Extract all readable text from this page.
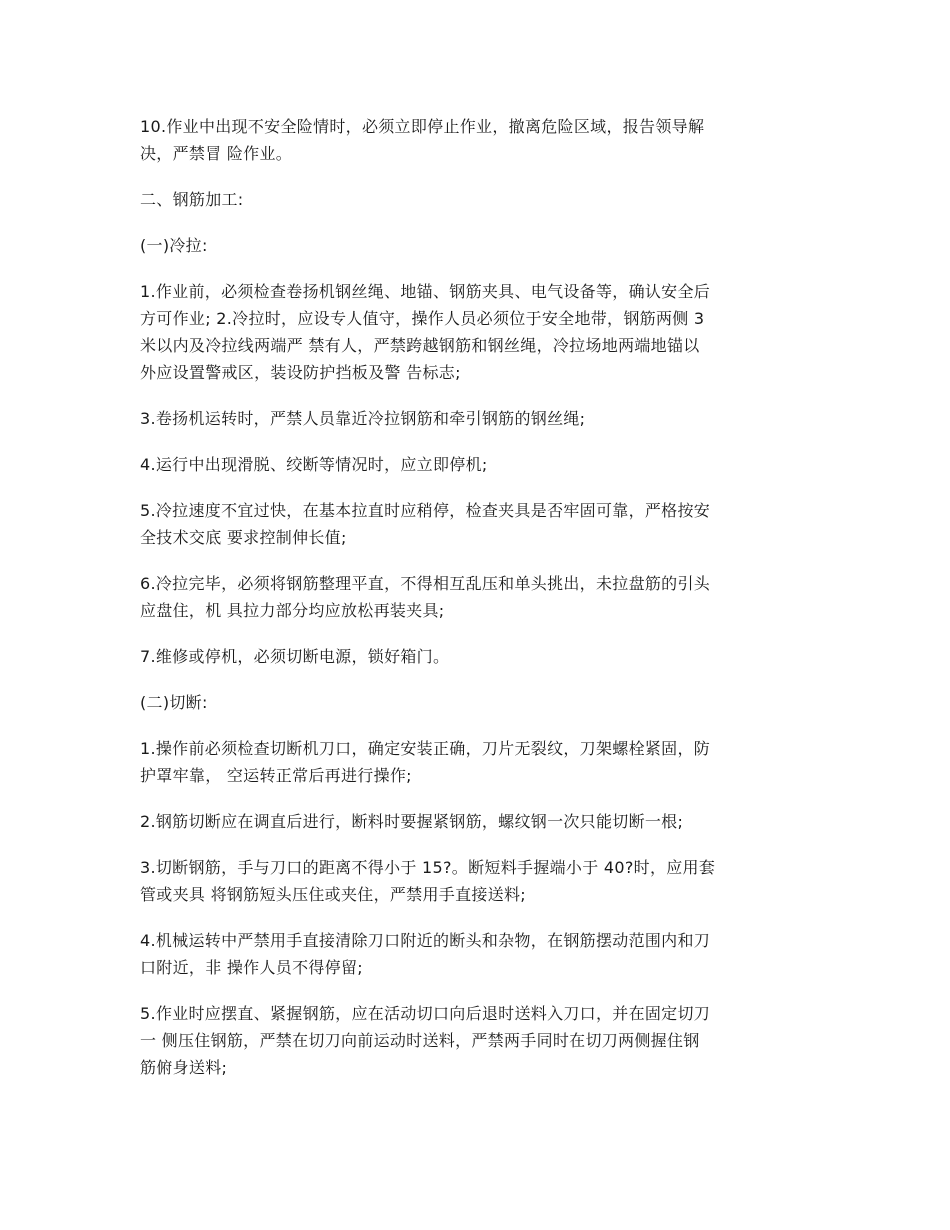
10.作业中出现不安全险情时，必须立即停止作业，撤离危险区域，报告领导解
决，严禁冒 险作业。

二、钢筋加工:

(一)冷拉:

1.作业前，必须检查卷扬机钢丝绳、地锚、钢筋夹具、电气设备等，确认安全后
方可作业; 2.冷拉时，应设专人值守，操作人员必须位于安全地带，钢筋两侧 3
米以内及冷拉线两端严 禁有人，严禁跨越钢筋和钢丝绳，冷拉场地两端地锚以
外应设置警戒区，装设防护挡板及警 告标志;

3.卷扬机运转时，严禁人员靠近冷拉钢筋和牵引钢筋的钢丝绳;

4.运行中出现滑脱、绞断等情况时，应立即停机;

5.冷拉速度不宜过快，在基本拉直时应稍停，检查夹具是否牢固可靠，严格按安
全技术交底 要求控制伸长值;

6.冷拉完毕，必须将钢筋整理平直，不得相互乱压和单头挑出，未拉盘筋的引头
应盘住，机 具拉力部分均应放松再装夹具;

7.维修或停机，必须切断电源，锁好箱门。

(二)切断:

1.操作前必须检查切断机刀口，确定安装正确，刀片无裂纹，刀架螺栓紧固，防
护罩牢靠， 空运转正常后再进行操作;

2.钢筋切断应在调直后进行，断料时要握紧钢筋，螺纹钢一次只能切断一根;

3.切断钢筋，手与刀口的距离不得小于 15?。断短料手握端小于 40?时，应用套
管或夹具 将钢筋短头压住或夹住，严禁用手直接送料;

4.机械运转中严禁用手直接清除刀口附近的断头和杂物，在钢筋摆动范围内和刀
口附近，非 操作人员不得停留;

5.作业时应摆直、紧握钢筋，应在活动切口向后退时送料入刀口，并在固定切刀
一 侧压住钢筋，严禁在切刀向前运动时送料，严禁两手同时在切刀两侧握住钢
筋俯身送料;
